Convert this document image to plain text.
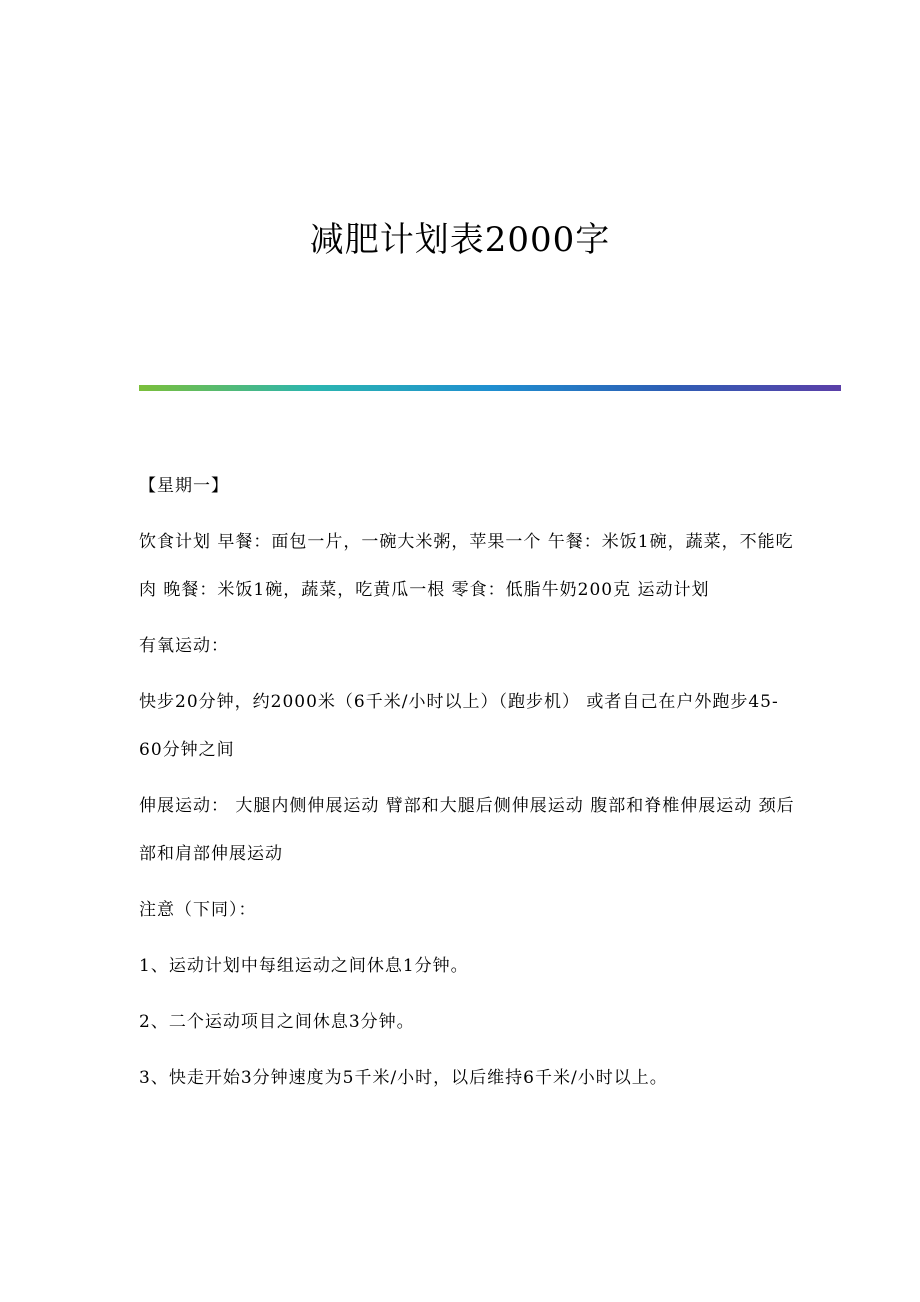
减肥计划表2000字

【星期一】

饮食计划 早餐：面包一片，一碗大米粥，苹果一个 午餐：米饭1碗，蔬菜，不能吃肉 晚餐：米饭1碗，蔬菜，吃黄瓜一根 零食：低脂牛奶200克 运动计划

有氧运动：

快步20分钟，约2000米（6千米/小时以上）（跑步机） 或者自己在户外跑步45-60分钟之间

伸展运动： 大腿内侧伸展运动 臂部和大腿后侧伸展运动 腹部和脊椎伸展运动 颈后部和肩部伸展运动

注意（下同）：

1、运动计划中每组运动之间休息1分钟。

2、二个运动项目之间休息3分钟。

3、快走开始3分钟速度为5千米/小时，以后维持6千米/小时以上。
